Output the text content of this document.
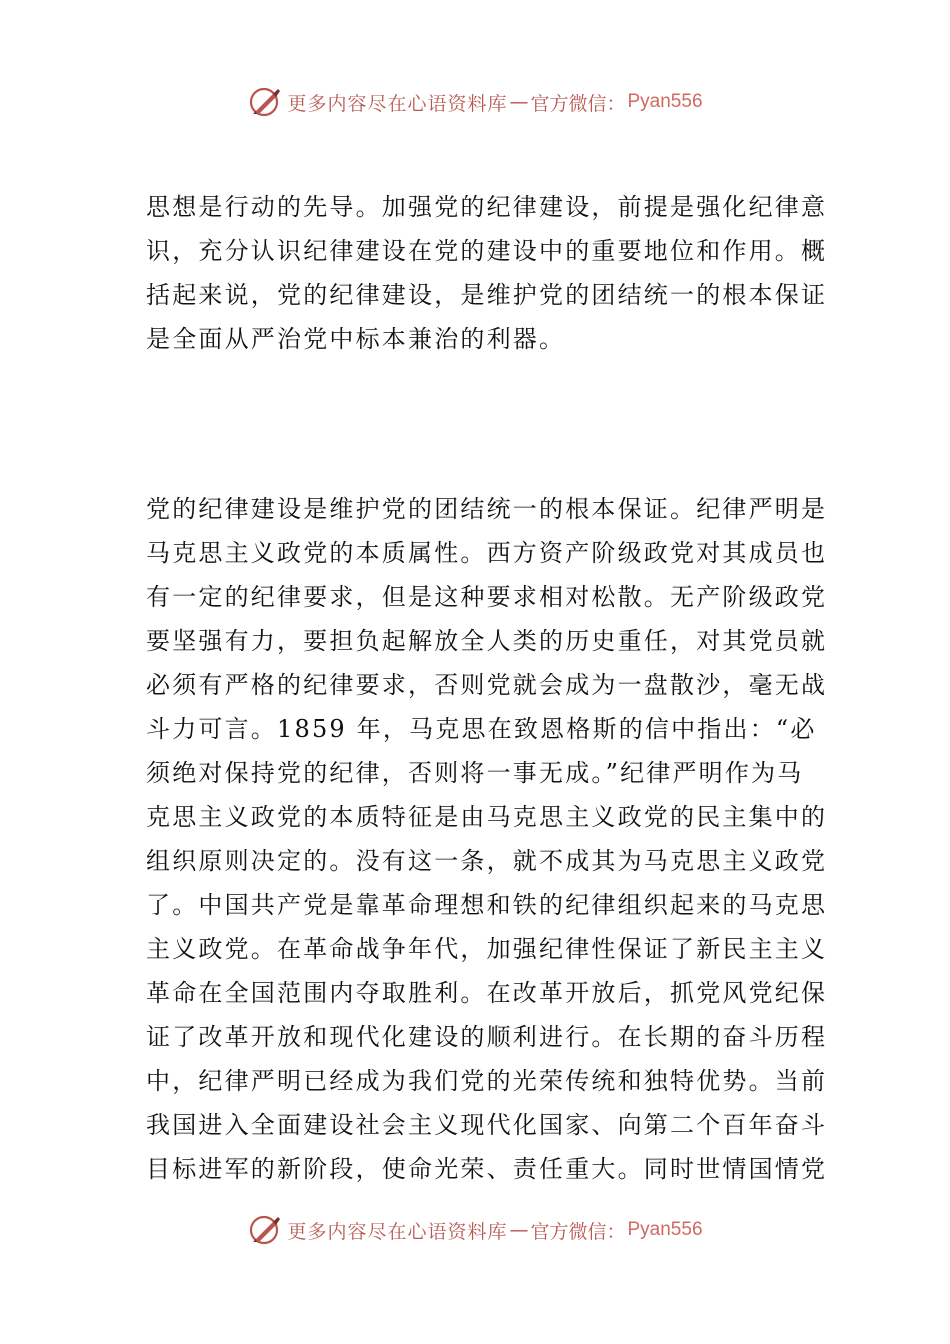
更多内容尽在心语资料库 — 官方微信： Pyan556

思想是行动的先导。加强党的纪律建设，前提是强化纪律意
识，充分认识纪律建设在党的建设中的重要地位和作用。概
括起来说，党的纪律建设，是维护党的团结统一的根本保证
是全面从严治党中标本兼治的利器。

党的纪律建设是维护党的团结统一的根本保证。纪律严明是
马克思主义政党的本质属性。西方资产阶级政党对其成员也
有一定的纪律要求，但是这种要求相对松散。无产阶级政党
要坚强有力，要担负起解放全人类的历史重任，对其党员就
必须有严格的纪律要求，否则党就会成为一盘散沙，毫无战
斗力可言。1859 年，马克思在致恩格斯的信中指出：“必
须绝对保持党的纪律，否则将一事无成。”纪律严明作为马
克思主义政党的本质特征是由马克思主义政党的民主集中的
组织原则决定的。没有这一条，就不成其为马克思主义政党
了。中国共产党是靠革命理想和铁的纪律组织起来的马克思
主义政党。在革命战争年代，加强纪律性保证了新民主主义
革命在全国范围内夺取胜利。在改革开放后，抓党风党纪保
证了改革开放和现代化建设的顺利进行。在长期的奋斗历程
中，纪律严明已经成为我们党的光荣传统和独特优势。当前
我国进入全面建设社会主义现代化国家、向第二个百年奋斗
目标进军的新阶段，使命光荣、责任重大。同时世情国情党

更多内容尽在心语资料库 — 官方微信： Pyan556
